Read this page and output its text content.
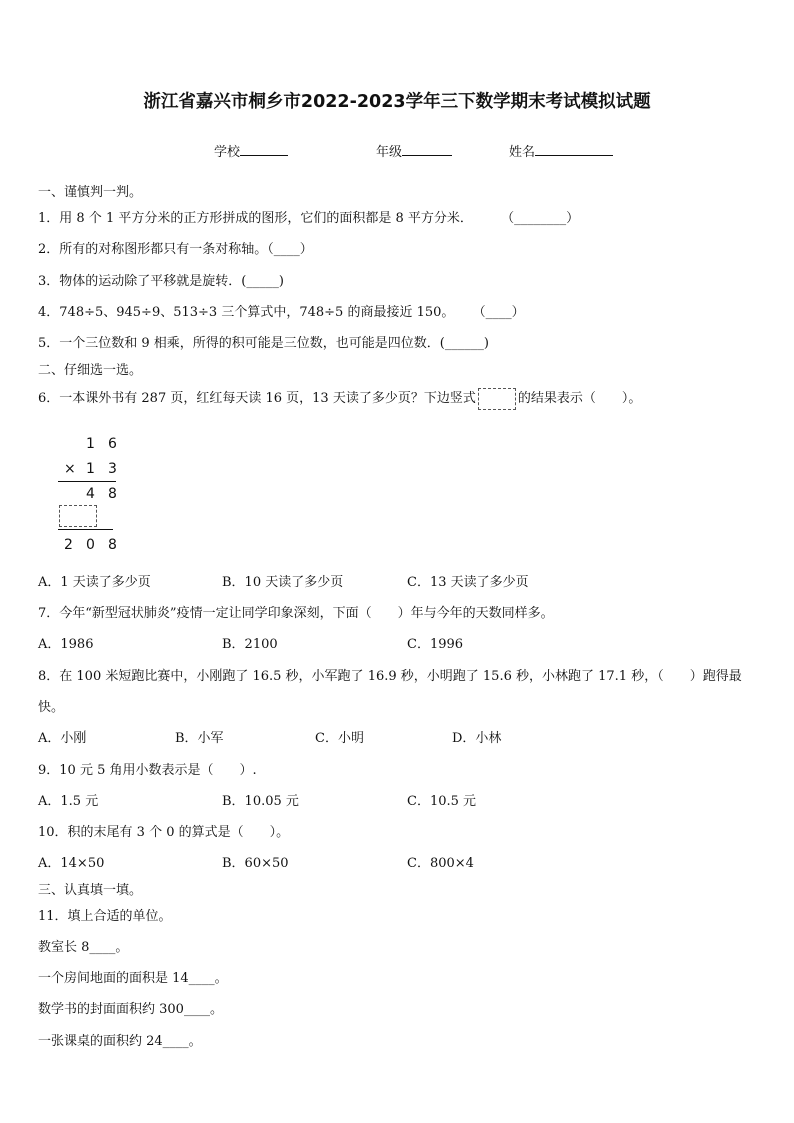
浙江省嘉兴市桐乡市2022-2023学年三下数学期末考试模拟试题
学校	年级	姓名
一、谨慎判一判。
1．用 8 个 1 平方分米的正方形拼成的图形，它们的面积都是 8 平方分米． （________）
2．所有的对称图形都只有一条对称轴。（____）
3．物体的运动除了平移就是旋转．(_____)
4．748÷5、945÷9、513÷3 三个算式中，748÷5 的商最接近 150。 （____）
5．一个三位数和 9 相乘，所得的积可能是三位数，也可能是四位数．(______)
二、仔细选一选。
6．一本课外书有 287 页，红红每天读 16 页，13 天读了多少页？下边竖式	的结果表示（　　）。
1 6
× 1 3
4 8
2 0 8
A．1 天读了多少页	B．10 天读了多少页	C．13 天读了多少页
7．今年“新型冠状肺炎”疫情一定让同学印象深刻，下面（　　）年与今年的天数同样多。
A．1986	B．2100	C．1996
8．在 100 米短跑比赛中，小刚跑了 16.5 秒，小军跑了 16.9 秒，小明跑了 15.6 秒，小林跑了 17.1 秒，（　　）跑得最
快。
A．小刚	B．小军	C．小明	D．小林
9．10 元 5 角用小数表示是（　　）.
A．1.5 元	B．10.05 元	C．10.5 元
10．积的末尾有 3 个 0 的算式是（　　）。
A．14×50	B．60×50	C．800×4
三、认真填一填。
11．填上合适的单位。
教室长 8____。
一个房间地面的面积是 14____。
数学书的封面面积约 300____。
一张课桌的面积约 24____。
